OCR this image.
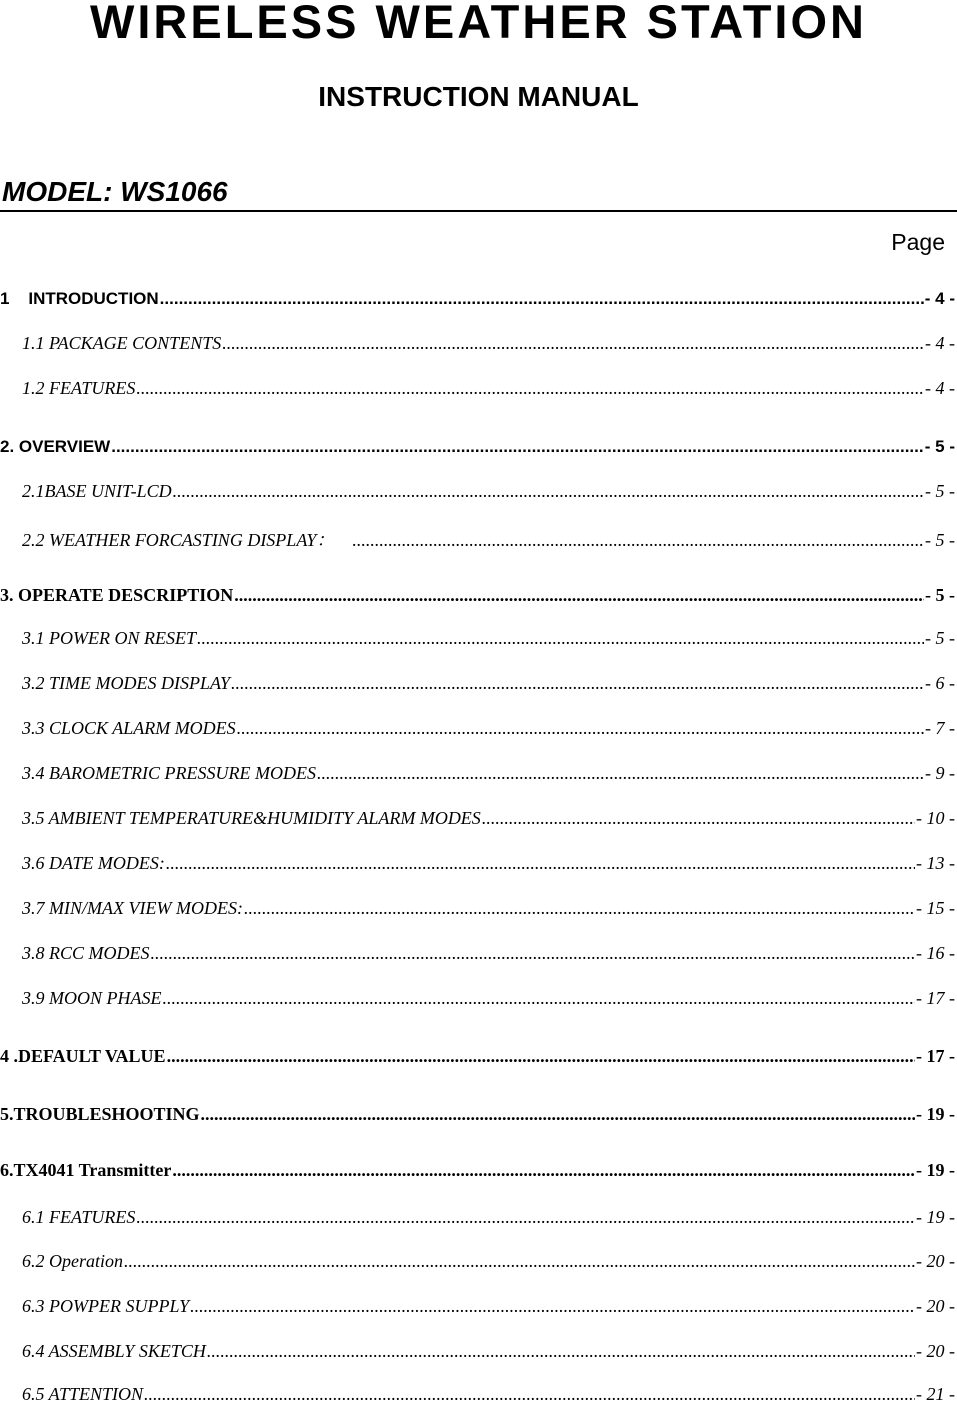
WIRELESS WEATHER STATION
INSTRUCTION MANUAL
MODEL: WS1066
Page
1    INTRODUCTION .....	- 4 -
1.1 PACKAGE CONTENTS .....	- 4 -
1.2 FEATURES .....	- 4 -
2. OVERVIEW .....	- 5 -
2.1BASE UNIT-LCD .....	- 5 -
2.2 WEATHER FORCASTING DISPLAY： .....	- 5 -
3. OPERATE DESCRIPTION .....	- 5 -
3.1 POWER ON RESET .....	- 5 -
3.2 TIME MODES DISPLAY .....	- 6 -
3.3 CLOCK ALARM MODES .....	- 7 -
3.4 BAROMETRIC PRESSURE MODES .....	- 9 -
3.5 AMBIENT TEMPERATURE&HUMIDITY ALARM MODES .....	- 10 -
3.6 DATE MODES: .....	- 13 -
3.7 MIN/MAX VIEW MODES: .....	- 15 -
3.8 RCC MODES .....	- 16 -
3.9 MOON PHASE .....	- 17 -
4 .DEFAULT VALUE .....	- 17 -
5.TROUBLESHOOTING .....	- 19 -
6.TX4041 Transmitter .....	- 19 -
6.1 FEATURES .....	- 19 -
6.2 Operation .....	- 20 -
6.3 POWPER SUPPLY .....	- 20 -
6.4 ASSEMBLY SKETCH .....	- 20 -
6.5 ATTENTION .....	- 21 -
